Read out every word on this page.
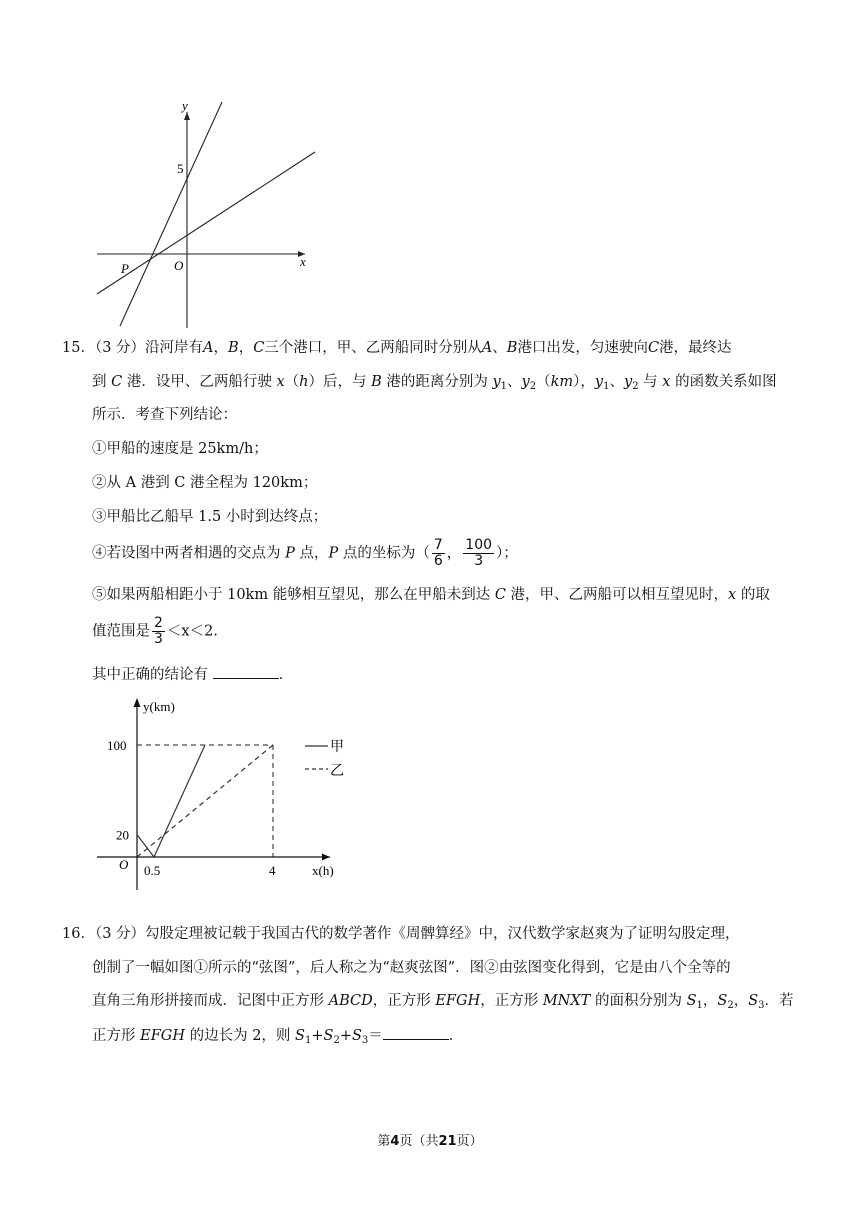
y
x
5
O
P
15．（3 分）沿河岸有A，B，C三个港口，甲、乙两船同时分别从A、B港口出发，匀速驶向C港，最终达
到 C 港．设甲、乙两船行驶 x（h）后，与 B 港的距离分别为 $y_1$、$y_2(km)$，$y_1$、$y_2$ 与 x 的函数关系如图
所示．考查下列结论：
①甲船的速度是 25km/h；
②从 A 港到 C 港全程为 120km；
③甲船比乙船早 1.5 小时到达终点；
④若设图中两者相遇的交点为 P 点，P 点的坐标为（ $\frac{7}{6}$ ， $\frac{100}{3}$ ）；
⑤如果两船相距小于 10km 能够相互望见，那么在甲船未到达 C 港，甲、乙两船可以相互望见时，x 的取
值范围是 $\frac{2}{3} <x<2$．
其中正确的结论有	．
y(km)
x(h)
O
100
20
0.5	4
甲
乙
16．（3 分）勾股定理被记载于我国古代的数学著作《周髀算经》中，汉代数学家赵爽为了证明勾股定理，
创制了一幅如图①所示的“弦图”，后人称之为“赵爽弦图”．图②由弦图变化得到，它是由八个全等的
直角三角形拼接而成．记图中正方形 ABCD，正方形 EFGH，正方形 MNXT 的面积分别为 $S_1$，$S_2$，$S_3$．若
正方形 EFGH 的边长为 2，则 $S_1+S_2+S_3=$	．
第4页（共21页）
